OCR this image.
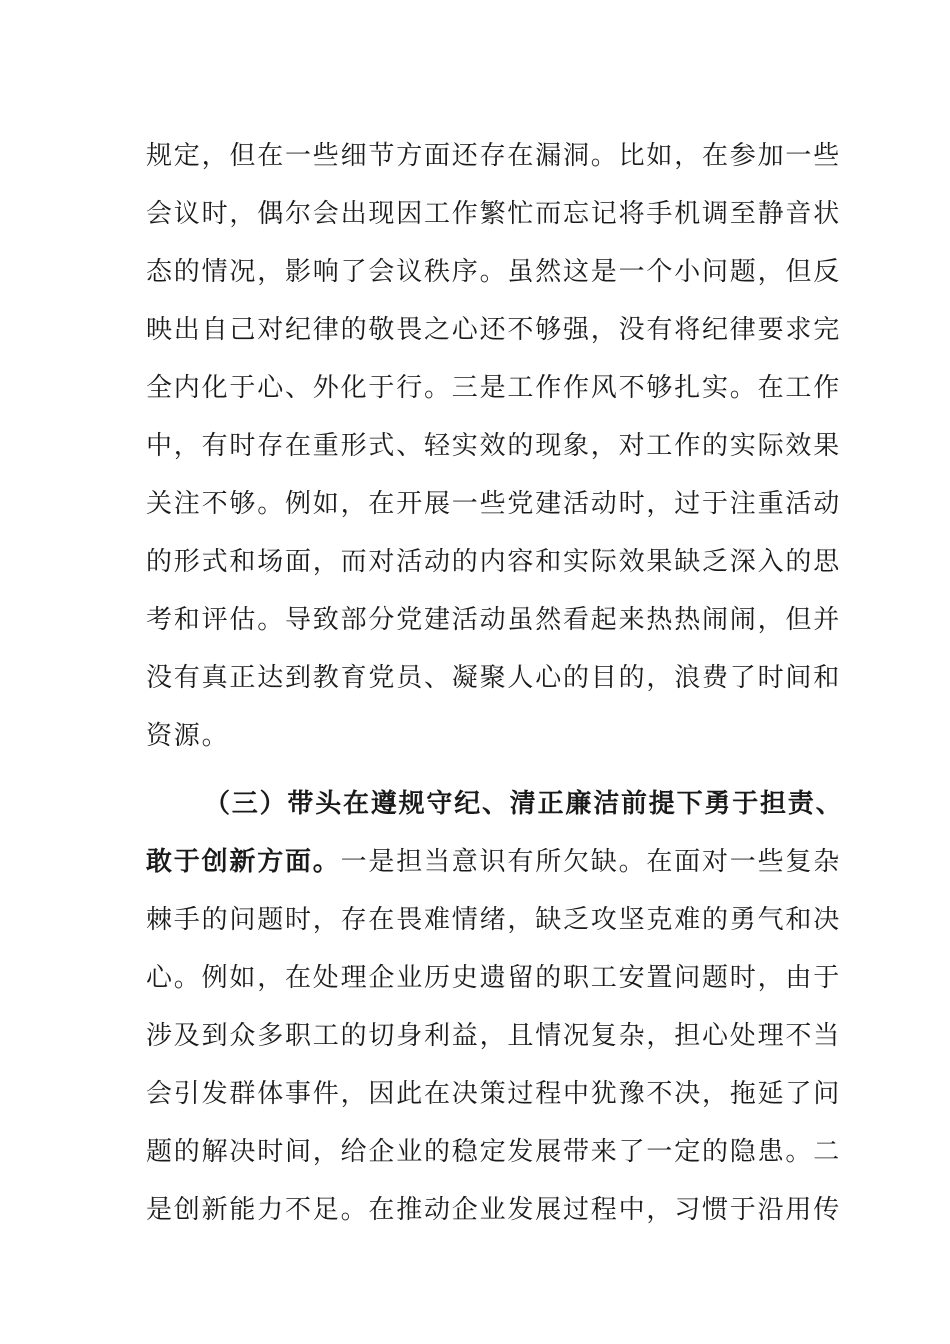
规定，但在一些细节方面还存在漏洞。比如，在参加一些
会议时，偶尔会出现因工作繁忙而忘记将手机调至静音状
态的情况，影响了会议秩序。虽然这是一个小问题，但反
映出自己对纪律的敬畏之心还不够强，没有将纪律要求完
全内化于心、外化于行。三是工作作风不够扎实。在工作
中，有时存在重形式、轻实效的现象，对工作的实际效果
关注不够。例如，在开展一些党建活动时，过于注重活动
的形式和场面，而对活动的内容和实际效果缺乏深入的思
考和评估。导致部分党建活动虽然看起来热热闹闹，但并
没有真正达到教育党员、凝聚人心的目的，浪费了时间和
资源。
（三）带头在遵规守纪、清正廉洁前提下勇于担责、
敢于创新方面。一是担当意识有所欠缺。在面对一些复杂
棘手的问题时，存在畏难情绪，缺乏攻坚克难的勇气和决
心。例如，在处理企业历史遗留的职工安置问题时，由于
涉及到众多职工的切身利益，且情况复杂，担心处理不当
会引发群体事件，因此在决策过程中犹豫不决，拖延了问
题的解决时间，给企业的稳定发展带来了一定的隐患。二
是创新能力不足。在推动企业发展过程中，习惯于沿用传
